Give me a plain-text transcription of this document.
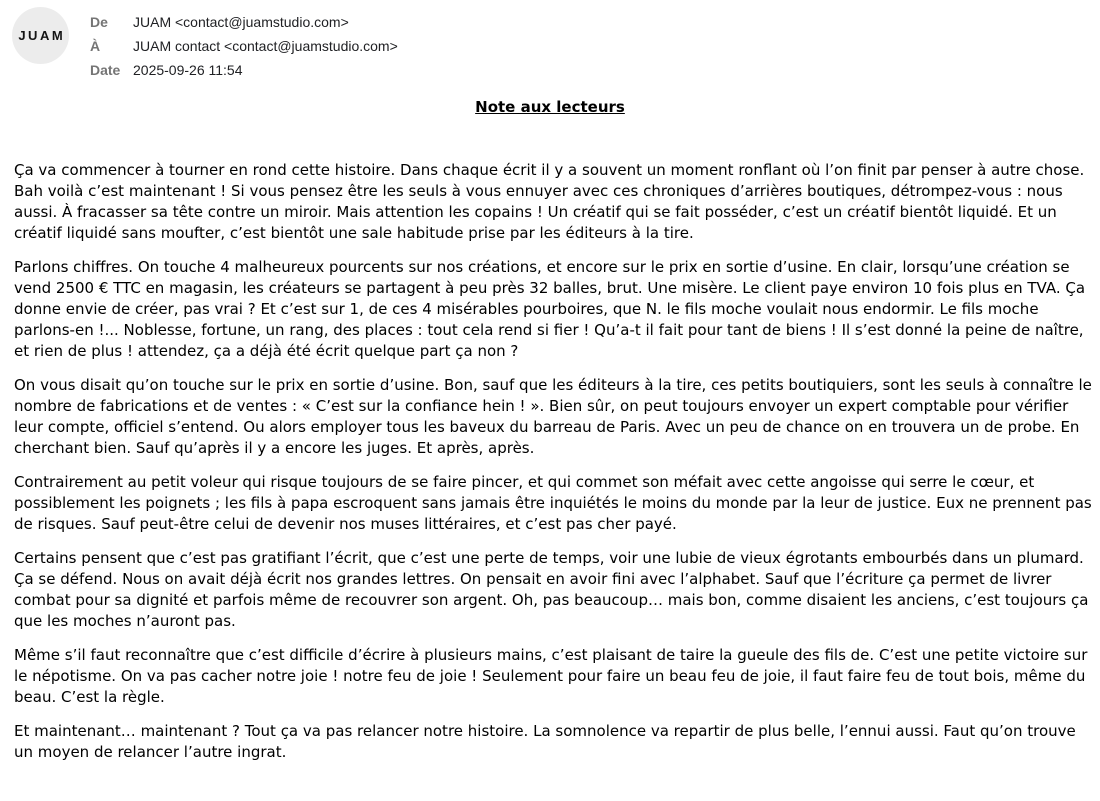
JUAM
De	JUAM <contact@juamstudio.com>
À	JUAM contact <contact@juamstudio.com>
Date 2025-09-26 11:54
Note aux lecteurs

Ça va commencer à tourner en rond cette histoire. Dans chaque écrit il y a souvent un moment ronflant où l’on finit par penser à autre chose. Bah voilà c’est maintenant ! Si vous pensez être les seuls à vous ennuyer avec ces chroniques d’arrières boutiques, détrompez-vous : nous aussi. À fracasser sa tête contre un miroir. Mais attention les copains ! Un créatif qui se fait posséder, c’est un créatif bientôt liquidé. Et un créatif liquidé sans moufter, c’est bientôt une sale habitude prise par les éditeurs à la tire.

Parlons chiffres. On touche 4 malheureux pourcents sur nos créations, et encore sur le prix en sortie d’usine. En clair, lorsqu’une création se vend 2500 € TTC en magasin, les créateurs se partagent à peu près 32 balles, brut. Une misère. Le client paye environ 10 fois plus en TVA. Ça donne envie de créer, pas vrai ? Et c’est sur 1, de ces 4 misérables pourboires, que N. le fils moche voulait nous endormir. Le fils moche parlons-en !... Noblesse, fortune, un rang, des places : tout cela rend si fier ! Qu’a-t il fait pour tant de biens ! Il s’est donné la peine de naître, et rien de plus ! attendez, ça a déjà été écrit quelque part ça non ?

On vous disait qu’on touche sur le prix en sortie d’usine. Bon, sauf que les éditeurs à la tire, ces petits boutiquiers, sont les seuls à connaître le nombre de fabrications et de ventes : « C’est sur la confiance hein ! ». Bien sûr, on peut toujours envoyer un expert comptable pour vérifier leur compte, officiel s’entend. Ou alors employer tous les baveux du barreau de Paris. Avec un peu de chance on en trouvera un de probe. En cherchant bien. Sauf qu’après il y a encore les juges. Et après, après.

Contrairement au petit voleur qui risque toujours de se faire pincer, et qui commet son méfait avec cette angoisse qui serre le cœur, et possiblement les poignets ; les fils à papa escroquent sans jamais être inquiétés le moins du monde par la leur de justice. Eux ne prennent pas de risques. Sauf peut-être celui de devenir nos muses littéraires, et c’est pas cher payé.

Certains pensent que c’est pas gratifiant l’écrit, que c’est une perte de temps, voir une lubie de vieux égrotants embourbés dans un plumard. Ça se défend. Nous on avait déjà écrit nos grandes lettres. On pensait en avoir fini avec l’alphabet. Sauf que l’écriture ça permet de livrer combat pour sa dignité et parfois même de recouvrer son argent. Oh, pas beaucoup… mais bon, comme disaient les anciens, c’est toujours ça que les moches n’auront pas.

Même s’il faut reconnaître que c’est difficile d’écrire à plusieurs mains, c’est plaisant de taire la gueule des fils de. C’est une petite victoire sur le népotisme. On va pas cacher notre joie ! notre feu de joie ! Seulement pour faire un beau feu de joie, il faut faire feu de tout bois, même du beau. C’est la règle.

Et maintenant… maintenant ? Tout ça va pas relancer notre histoire. La somnolence va repartir de plus belle, l’ennui aussi. Faut qu’on trouve un moyen de relancer l’autre ingrat.
